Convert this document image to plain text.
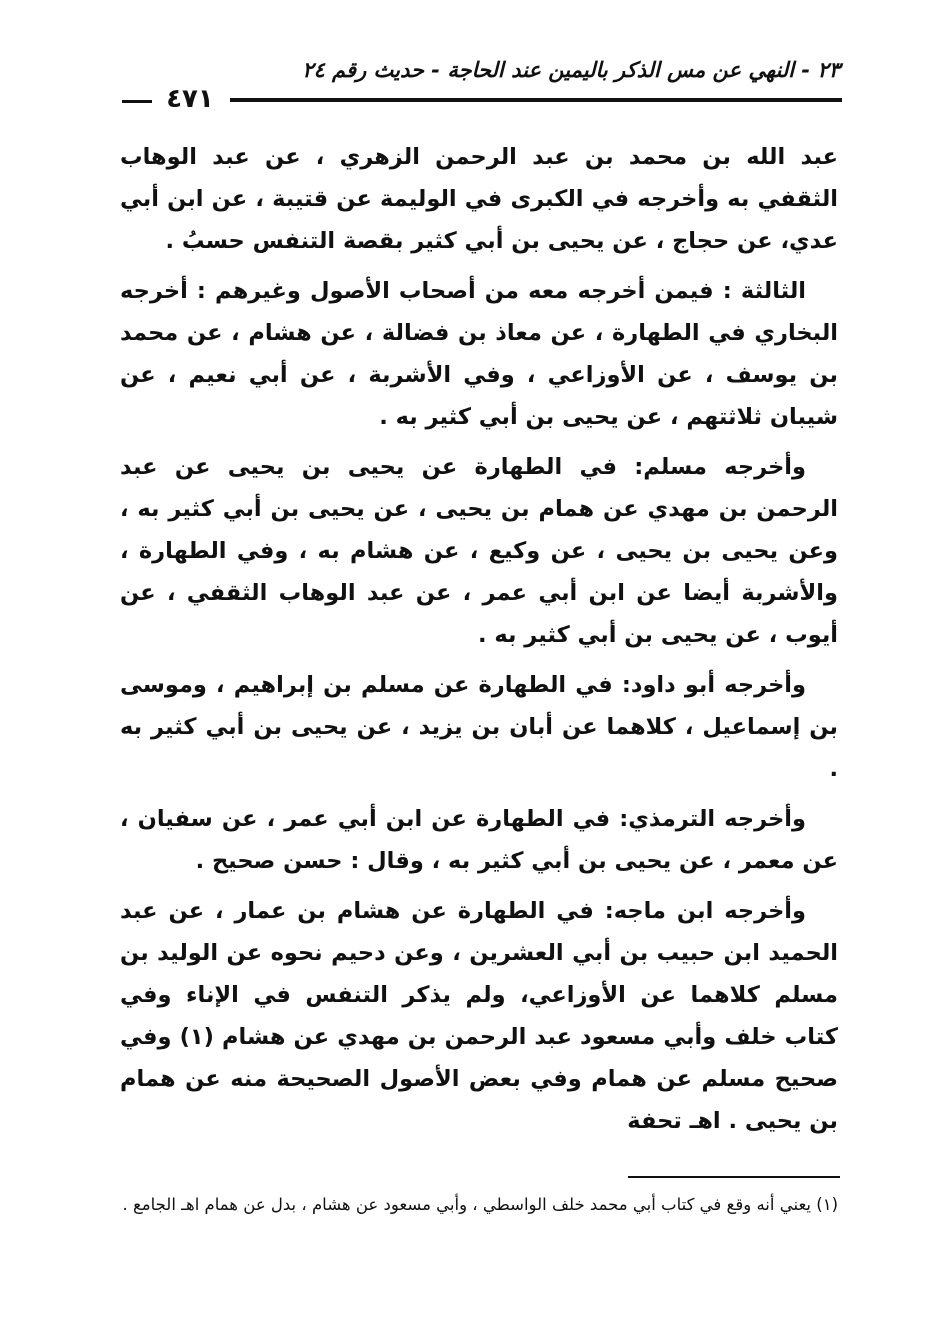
٢٣ - النهي عن مس الذكر باليمين عند الحاجة - حديث رقم ٢٤
٤٧١

عبد الله بن محمد بن عبد الرحمن الزهري ، عن عبد الوهاب الثقفي به وأخرجه في الكبرى في الوليمة عن قتيبة ، عن ابن أبي عدي، عن حجاج ، عن يحيى بن أبي كثير بقصة التنفس حسبُ .

الثالثة : فيمن أخرجه معه من أصحاب الأصول وغيرهم : أخرجه البخاري في الطهارة ، عن معاذ بن فضالة ، عن هشام ، عن محمد بن يوسف ، عن الأوزاعي ، وفي الأشربة ، عن أبي نعيم ، عن شيبان ثلاثتهم ، عن يحيى بن أبي كثير به .

وأخرجه مسلم: في الطهارة عن يحيى بن يحيى عن عبد الرحمن بن مهدي عن همام بن يحيى ، عن يحيى بن أبي كثير به ، وعن يحيى بن يحيى ، عن وكيع ، عن هشام به ، وفي الطهارة ، والأشربة أيضا عن ابن أبي عمر ، عن عبد الوهاب الثقفي ، عن أيوب ، عن يحيى بن أبي كثير به .

وأخرجه أبو داود: في الطهارة عن مسلم بن إبراهيم ، وموسى بن إسماعيل ، كلاهما عن أبان بن يزيد ، عن يحيى بن أبي كثير به .

وأخرجه الترمذي: في الطهارة عن ابن أبي عمر ، عن سفيان ، عن معمر ، عن يحيى بن أبي كثير به ، وقال : حسن صحيح .

وأخرجه ابن ماجه: في الطهارة عن هشام بن عمار ، عن عبد الحميد ابن حبيب بن أبي العشرين ، وعن دحيم نحوه عن الوليد بن مسلم كلاهما عن الأوزاعي، ولم يذكر التنفس في الإناء وفي كتاب خلف وأبي مسعود عبد الرحمن بن مهدي عن هشام (١) وفي صحيح مسلم عن همام وفي بعض الأصول الصحيحة منه عن همام بن يحيى . اهـ تحفة

(١) يعني أنه وقع في كتاب أبي محمد خلف الواسطي ، وأبي مسعود عن هشام ، بدل عن همام اهـ الجامع .
